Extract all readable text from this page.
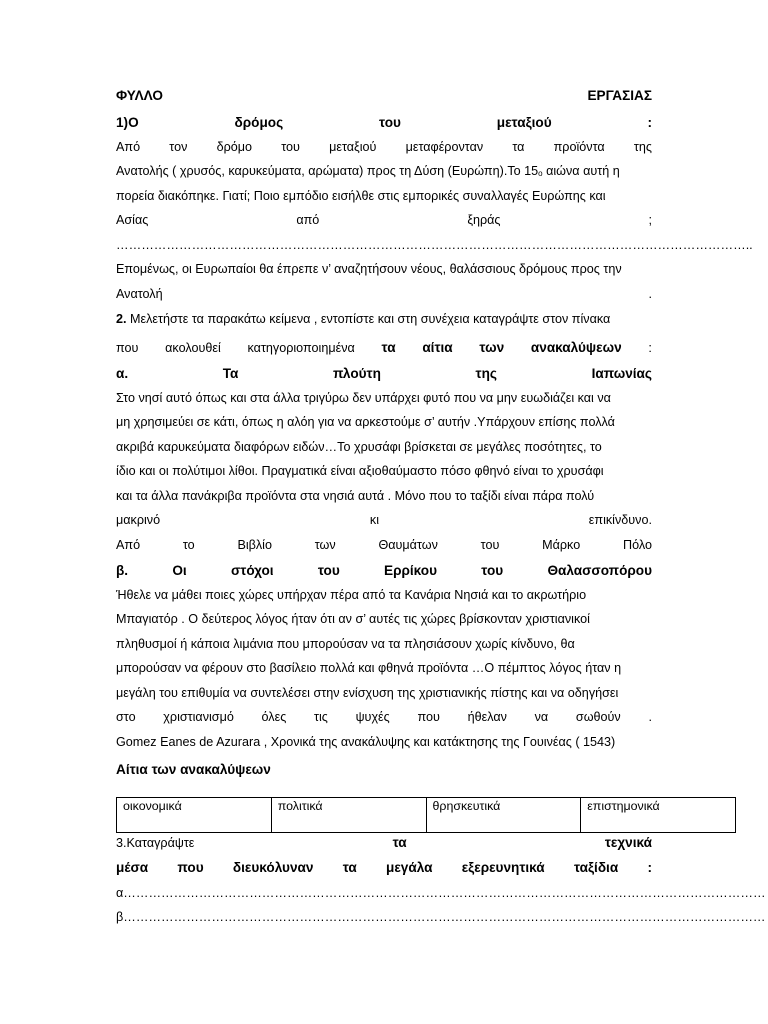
ΦΥΛΛΟ	ΕΡΓΑΣΙΑΣ
1)Ο	δρόμος	του	μεταξιού	:
Από τον δρόμο του μεταξιού μεταφέρονταν τα προϊόντα της
Ανατολής ( χρυσός, καρυκεύματα, αρώματα) προς τη Δύση (Ευρώπη).Το $15_o$ αιώνα αυτή η
πορεία διακόπηκε. Γιατί; Ποιο εμπόδιο εισήλθε στις εμπορικές συναλλαγές Ευρώπης και
Ασίας	από	ξηράς	;
……………………………………………………………………………………………………………………………………..
Επομένως, οι Ευρωπαίοι θα έπρεπε ν’ αναζητήσουν νέους, θαλάσσιους δρόμους προς την
Ανατολή	.
2. Μελετήστε τα παρακάτω κείμενα , εντοπίστε και στη συνέχεια καταγράψτε στον πίνακα
που ακολουθεί κατηγοριοποιημένα τα αίτια των ανακαλύψεων :
α.	Τα	πλούτη	της	Ιαπωνίας
Στο νησί αυτό όπως και στα άλλα τριγύρω δεν υπάρχει φυτό που να μην ευωδιάζει και να
μη χρησιμεύει σε κάτι, όπως η αλόη για να αρκεστούμε σ’ αυτήν .Υπάρχουν επίσης πολλά
ακριβά καρυκεύματα διαφόρων ειδών…Το χρυσάφι βρίσκεται σε μεγάλες ποσότητες, το
ίδιο και οι πολύτιμοι λίθοι. Πραγματικά είναι αξιοθαύμαστο πόσο φθηνό είναι το χρυσάφι
και τα άλλα πανάκριβα προϊόντα στα νησιά αυτά . Μόνο που το ταξίδι είναι πάρα πολύ
μακρινό	κι	επικίνδυνο.
Από	το	Βιβλίο	των	Θαυμάτων	του	Μάρκο	Πόλο
β.	Οι	στόχοι	του	Ερρίκου	του	Θαλασσοπόρου
Ήθελε να μάθει ποιες χώρες υπήρχαν πέρα από τα Κανάρια Νησιά και το ακρωτήριο
Μπαγιατόρ . Ο δεύτερος λόγος ήταν ότι αν σ’ αυτές τις χώρες βρίσκονταν χριστιανικοί
πληθυσμοί ή κάποια λιμάνια που μπορούσαν να τα πλησιάσουν χωρίς κίνδυνο, θα
μπορούσαν να φέρουν στο βασίλειο πολλά και φθηνά προϊόντα …Ο πέμπτος λόγος ήταν η
μεγάλη του επιθυμία να συντελέσει στην ενίσχυση της χριστιανικής πίστης και να οδηγήσει
στο χριστιανισμό όλες τις ψυχές που ήθελαν να σωθούν .
Gomez Eanes de Azurara , Χρονικά της ανακάλυψης και κατάκτησης της Γουινέας ( 1543)
Αίτια των ανακαλύψεων
οικονομικά	πολιτικά	θρησκευτικά	επιστημονικά
3.Καταγράψτε	τα	τεχνικά
μέσα που διευκόλυναν τα μεγάλα εξερευνητικά ταξίδια :
α………………………………………………………………………………………………………………………………………
β………………………………………………………………………………………………………………………………………
